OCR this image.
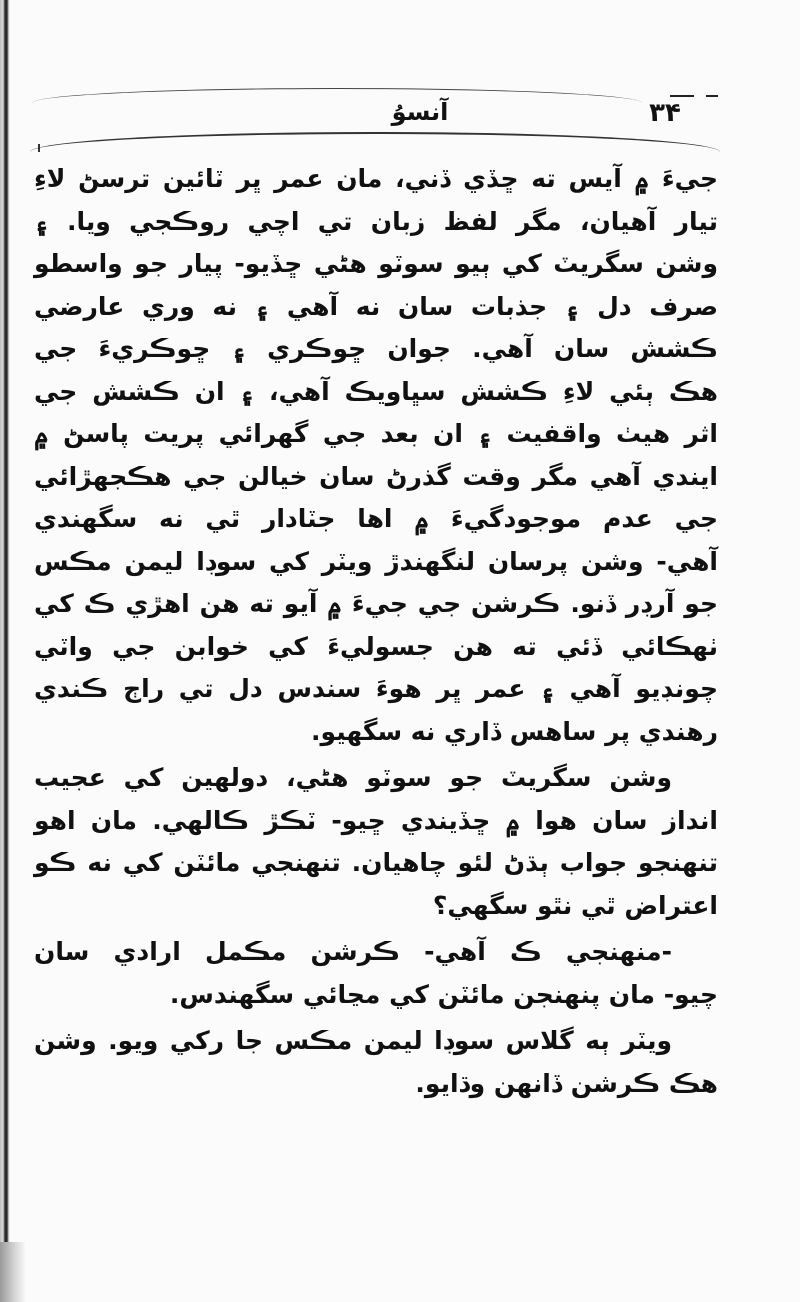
آنسوُ	۳۴
جيءَ ۾ آيس ته ڇڏي ڏني، مان عمر ڀر ٽائين ترسڻ لاءِ
تيار آهيان، مگر لفظ زبان تي اچي روڪجي ويا. ۽
وشن سگريٽ کي ٻيو سوٽو هڻي ڇڏيو- پيار جو واسطو
صرف دل ۽ جذبات سان نه آهي ۽ نه وري عارضي
ڪشش سان آهي. جوان ڇوڪري ۽ ڇوڪريءَ جي
هڪ ٻئي لاءِ ڪشش سڀاويڪ آهي، ۽ ان ڪشش جي
اثر هيٺ واقفيت ۽ ان بعد جي گهرائي پريت پاسڻ ۾
ايندي آهي مگر وقت گذرڻ سان خيالن جي هڪجهڙائي
جي عدم موجودگيءَ ۾ اها جٽادار ٿي نه سگهندي
آهي- وشن پرسان لنگهندڙ ويٽر کي سوڊا ليمن مڪس
جو آرڊر ڏنو. ڪرشن جي جيءَ ۾ آيو ته هن اهڙي ڪ کي
ٺهڪائي ڏئي ته هن جسوليءَ کي خوابن جي واٽي
چونڊيو آهي ۽ عمر ڀر هوءَ سندس دل تي راڄ ڪندي
رهندي پر ساهس ڏاري نه سگهيو.
وشن سگريٽ جو سوٽو هڻي، دولهين کي عجيب
انداز سان هوا ۾ ڇڏيندي ڇيو- ٽڪڙ ڪالهي. مان اهو
تنهنجو جواب ٻڌڻ لئو چاهيان. تنهنجي مائٽن کي نه ڪو
اعتراض ٿي نٿو سگهي؟
-منهنجي ڪ آهي- ڪرشن مڪمل ارادي سان
چيو- مان پنهنجن مائٽن کي مڃائي سگهندس.
ويٽر ٻه گلاس سوڊا ليمن مڪس جا رکي ويو. وشن
هڪ ڪرشن ڏانهن وڌايو.
